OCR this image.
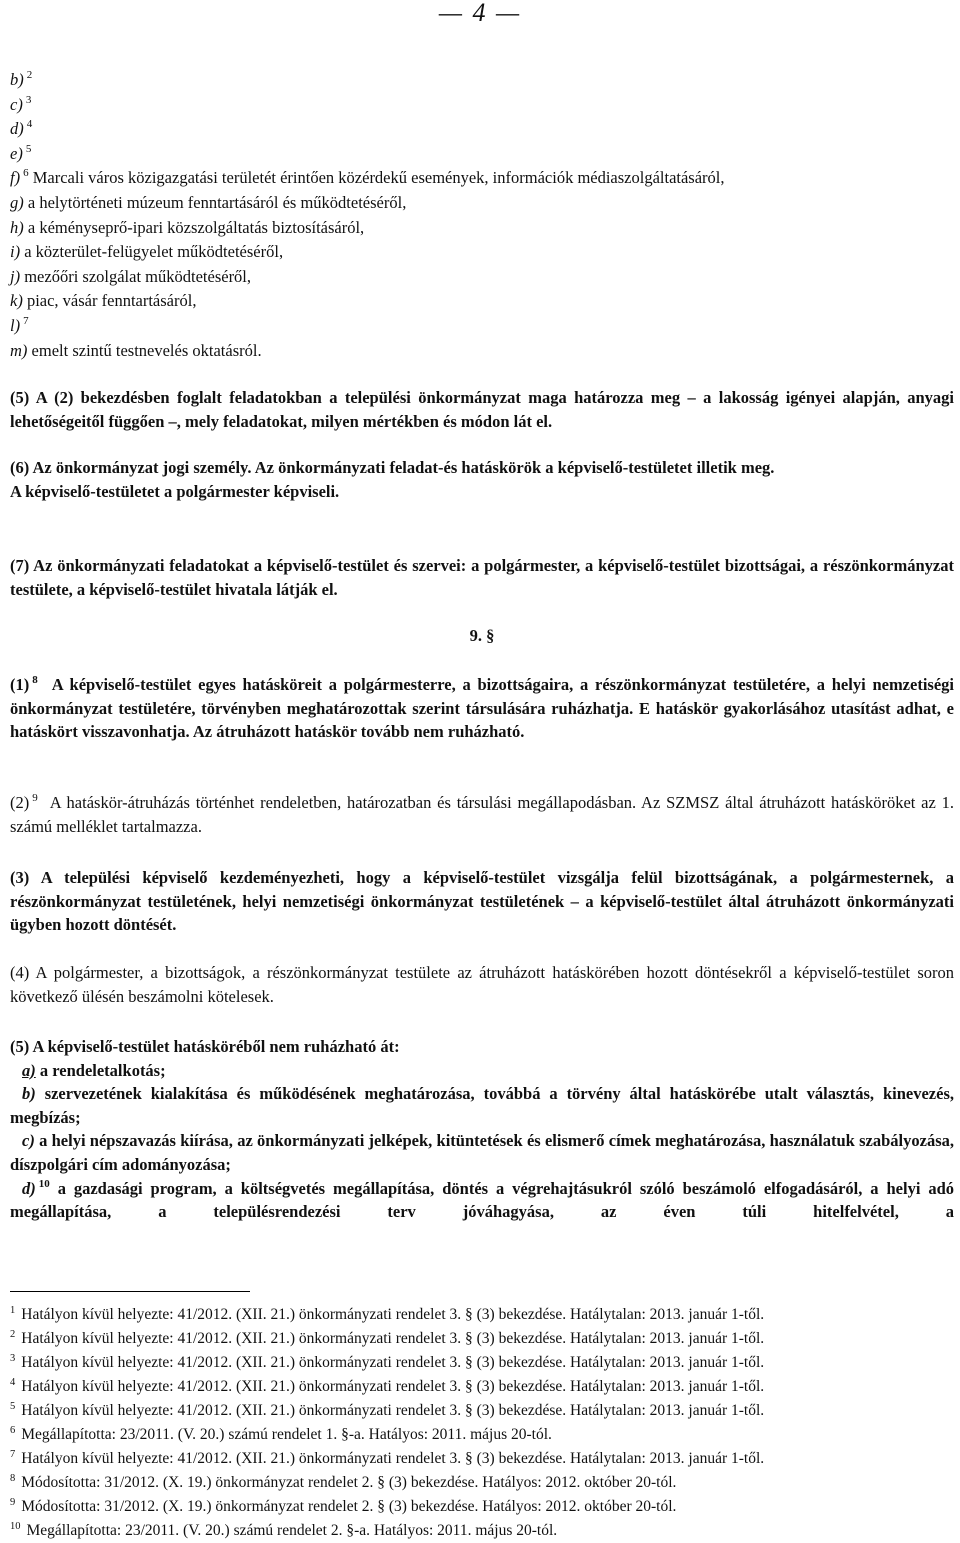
— 4 —
b) $^2$
c) $^3$
d) $^4$
e) $^5$
f) $^6$ Marcali város közigazgatási területét érintően közérdekű események, információk médiaszolgáltatásáról,
g) a helytörténeti múzeum fenntartásáról és működtetéséről,
h) a kéményseprő-ipari közszolgáltatás biztosításáról,
i) a közterület-felügyelet működtetéséről,
j) mezőőri szolgálat működtetéséről,
k) piac, vásár fenntartásáról,
l) $^7$
m) emelt szintű testnevelés oktatásról.

(5) A (2) bekezdésben foglalt feladatokban a települési önkormányzat maga határozza meg – a lakosság igényei alapján, anyagi lehetőségeitől függően –, mely feladatokat, milyen mértékben és módon lát el.

(6) Az önkormányzat jogi személy. Az önkormányzati feladat-és hatáskörök a képviselő-testületet illetik meg.

A képviselő-testületet a polgármester képviseli.

(7) Az önkormányzati feladatokat a képviselő-testület és szervei: a polgármester, a képviselő-testület bizottságai, a részönkormányzat testülete, a képviselő-testület hivatala látják el.

9. §

(1) $^8$ A képviselő-testület egyes hatásköreit a polgármesterre, a bizottságaira, a részönkormányzat testületére, a helyi nemzetiségi önkormányzat testületére, törvényben meghatározottak szerint társulására ruházhatja. E hatáskör gyakorlásához utasítást adhat, e hatáskört visszavonhatja. Az átruházott hatáskör tovább nem ruházható.

(2) $^9$ A hatáskör-átruházás történhet rendeletben, határozatban és társulási megállapodásban. Az SZMSZ által átruházott hatásköröket az 1. számú melléklet tartalmazza.

(3) A települési képviselő kezdeményezheti, hogy a képviselő-testület vizsgálja felül bizottságának, a polgármesternek, a részönkormányzat testületének, helyi nemzetiségi önkormányzat testületének – a képviselő-testület által átruházott önkormányzati ügyben hozott döntését.

(4) A polgármester, a bizottságok, a részönkormányzat testülete az átruházott hatáskörében hozott döntésekről a képviselő-testület soron következő ülésén beszámolni kötelesek.

(5) A képviselő-testület hatásköréből nem ruházható át:

a) a rendeletalkotás;

b) szervezetének kialakítása és működésének meghatározása, továbbá a törvény által hatáskörébe utalt választás, kinevezés, megbízás;

c) a helyi népszavazás kiírása, az önkormányzati jelképek, kitüntetések és elismerő címek meghatározása, használatuk szabályozása, díszpolgári cím adományozása;

d) $^{10}$ a gazdasági program, a költségvetés megállapítása, döntés a végrehajtásukról szóló beszámoló elfogadásáról, a helyi adó megállapítása, a településrendezési terv jóváhagyása, az éven túli hitelfelvétel, a

$^1$ Hatályon kívül helyezte: 41/2012. (XII. 21.) önkormányzati rendelet 3. § (3) bekezdése. Hatálytalan: 2013. január 1-től.
$^2$ Hatályon kívül helyezte: 41/2012. (XII. 21.) önkormányzati rendelet 3. § (3) bekezdése. Hatálytalan: 2013. január 1-től.
$^3$ Hatályon kívül helyezte: 41/2012. (XII. 21.) önkormányzati rendelet 3. § (3) bekezdése. Hatálytalan: 2013. január 1-től.
$^4$ Hatályon kívül helyezte: 41/2012. (XII. 21.) önkormányzati rendelet 3. § (3) bekezdése. Hatálytalan: 2013. január 1-től.
$^5$ Hatályon kívül helyezte: 41/2012. (XII. 21.) önkormányzati rendelet 3. § (3) bekezdése. Hatálytalan: 2013. január 1-től.
$^6$ Megállapította: 23/2011. (V. 20.) számú rendelet 1. §-a. Hatályos: 2011. május 20-tól.
$^7$ Hatályon kívül helyezte: 41/2012. (XII. 21.) önkormányzati rendelet 3. § (3) bekezdése. Hatálytalan: 2013. január 1-től.
$^8$ Módosította: 31/2012. (X. 19.) önkormányzat rendelet 2. § (3) bekezdése. Hatályos: 2012. október 20-tól.
$^9$ Módosította: 31/2012. (X. 19.) önkormányzat rendelet 2. § (3) bekezdése. Hatályos: 2012. október 20-tól.
$^{10}$ Megállapította: 23/2011. (V. 20.) számú rendelet 2. §-a. Hatályos: 2011. május 20-tól.
